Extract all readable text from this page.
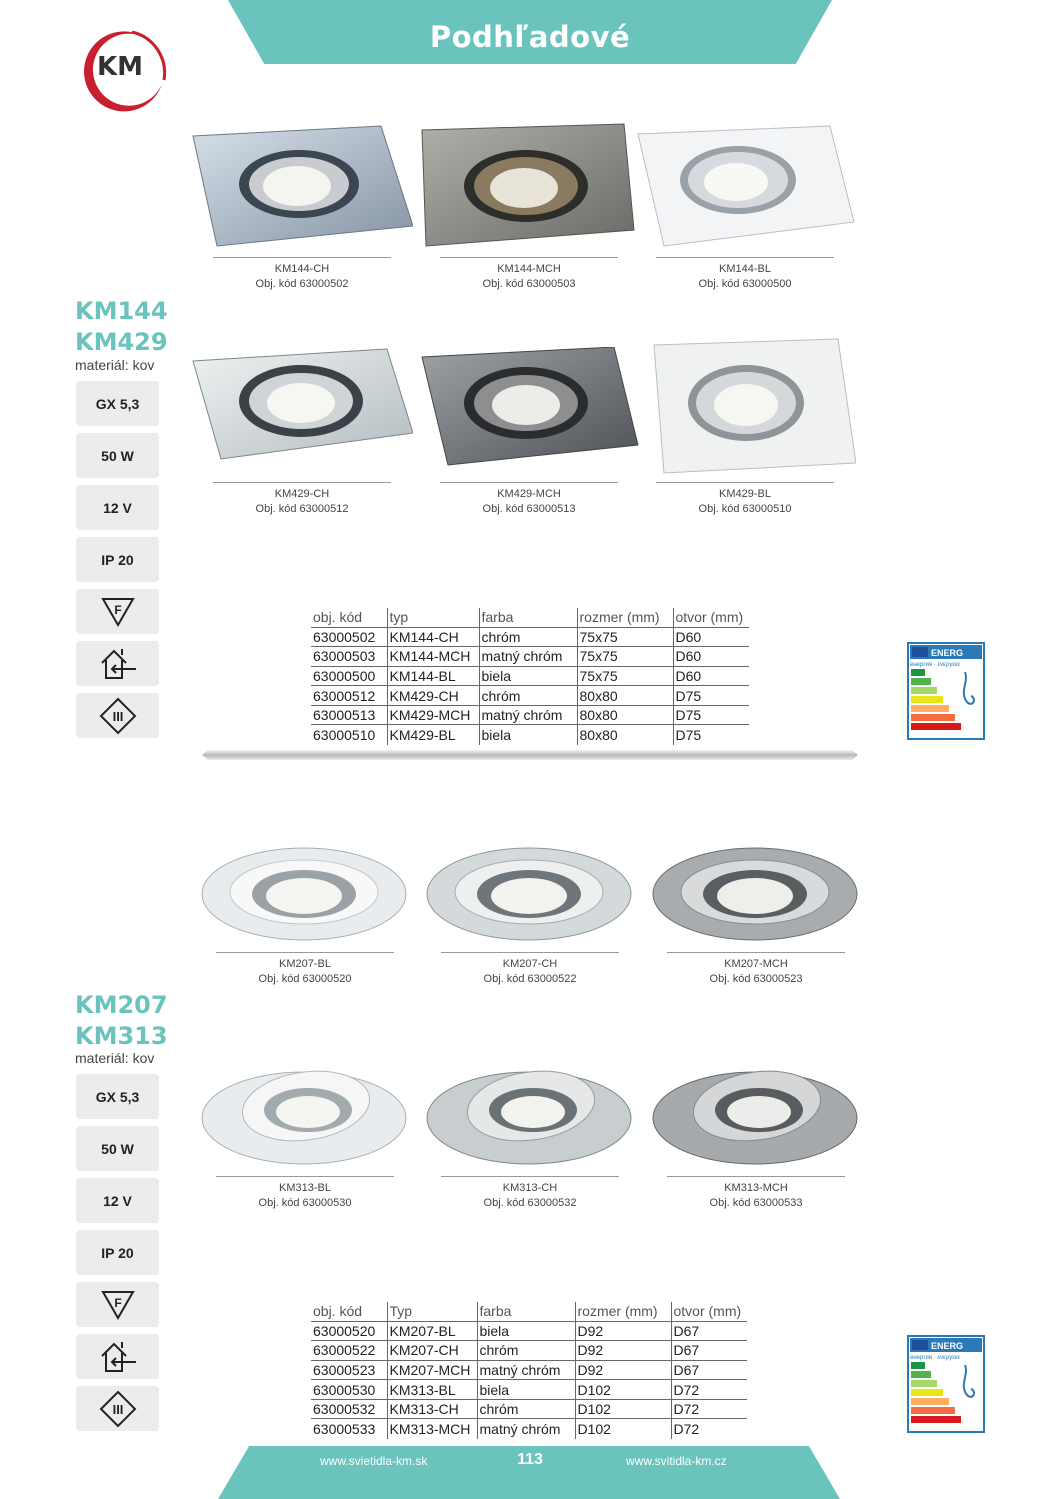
Podhľadové
KM
KM144
KM429
materiál: kov
GX 5,3
50 W
12 V
IP 20
F
III
KM144-CH
Obj. kód 63000502
KM144-MCH
Obj. kód 63000503
KM144-BL
Obj. kód 63000500
KM429-CH
Obj. kód 63000512
KM429-MCH
Obj. kód 63000513
KM429-BL
Obj. kód 63000510
obj. kód	typ	farba	rozmer (mm)	otvor (mm)
63000502	KM144-CH	chróm	75x75	D60
63000503	KM144-MCH	matný chróm	75x75	D60
63000500	KM144-BL	biela	75x75	D60
63000512	KM429-CH	chróm	80x80	D75
63000513	KM429-MCH	matný chróm	80x80	D75
63000510	KM429-BL	biela	80x80	D75
ENERG
енергия · ενεργεια
KM207
KM313
materiál: kov
GX 5,3
50 W
12 V
IP 20
F
III
KM207-BL
Obj. kód 63000520
KM207-CH
Obj. kód 63000522
KM207-MCH
Obj. kód 63000523
KM313-BL
Obj. kód 63000530
KM313-CH
Obj. kód 63000532
KM313-MCH
Obj. kód 63000533
obj. kód	Typ	farba	rozmer (mm)	otvor (mm)
63000520	KM207-BL	biela	D92	D67
63000522	KM207-CH	chróm	D92	D67
63000523	KM207-MCH	matný chróm	D92	D67
63000530	KM313-BL	biela	D102	D72
63000532	KM313-CH	chróm	D102	D72
63000533	KM313-MCH	matný chróm	D102	D72
ENERG
енергия · ενεργεια
www.svietidla-km.sk	113	www.svitidla-km.cz
